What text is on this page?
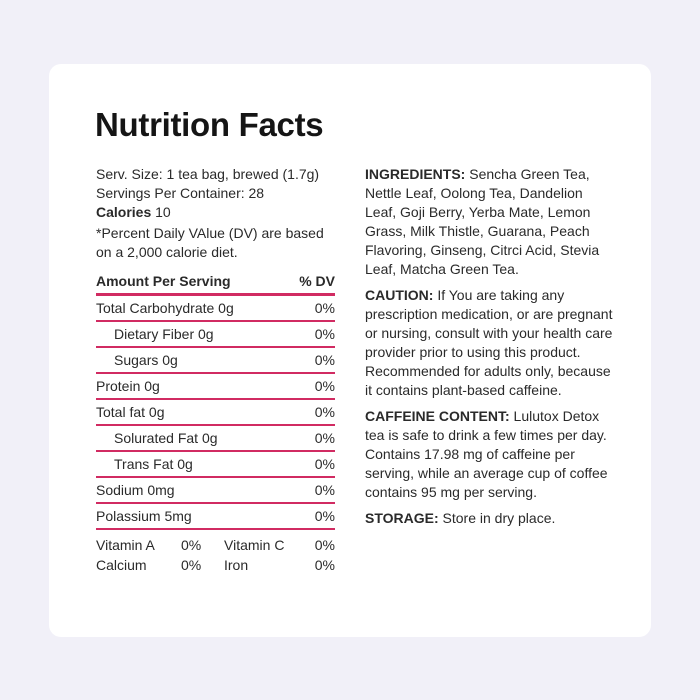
Nutrition Facts

Serv. Size: 1 tea bag, brewed (1.7g)

Servings Per Container: 28

Calories 10

*Percent Daily VAlue (DV) are based on a 2,000 calorie diet.

Amount Per Serving	% DV
Total Carbohydrate 0g	0%
Dietary Fiber 0g	0%
Sugars 0g	0%
Protein 0g	0%
Total fat 0g	0%
Solurated Fat 0g	0%
Trans Fat 0g	0%
Sodium 0mg	0%
Polassium 5mg	0%
Vitamin A	0%	Vitamin C	0%
Calcium	0%	Iron	0%

INGREDIENTS: Sencha Green Tea, Nettle Leaf, Oolong Tea, Dandelion Leaf, Goji Berry, Yerba Mate, Lemon Grass, Milk Thistle, Guarana, Peach Flavoring, Ginseng, Citrci Acid, Stevia Leaf, Matcha Green Tea.

CAUTION: If You are taking any prescription medication, or are pregnant or nursing, consult with your health care provider prior to using this product. Recommended for adults only, because it contains plant-based caffeine.

CAFFEINE CONTENT: Lulutox Detox tea is safe to drink a few times per day. Contains 17.98 mg of caffeine per serving, while an average cup of coffee contains 95 mg per serving.

STORAGE: Store in dry place.
